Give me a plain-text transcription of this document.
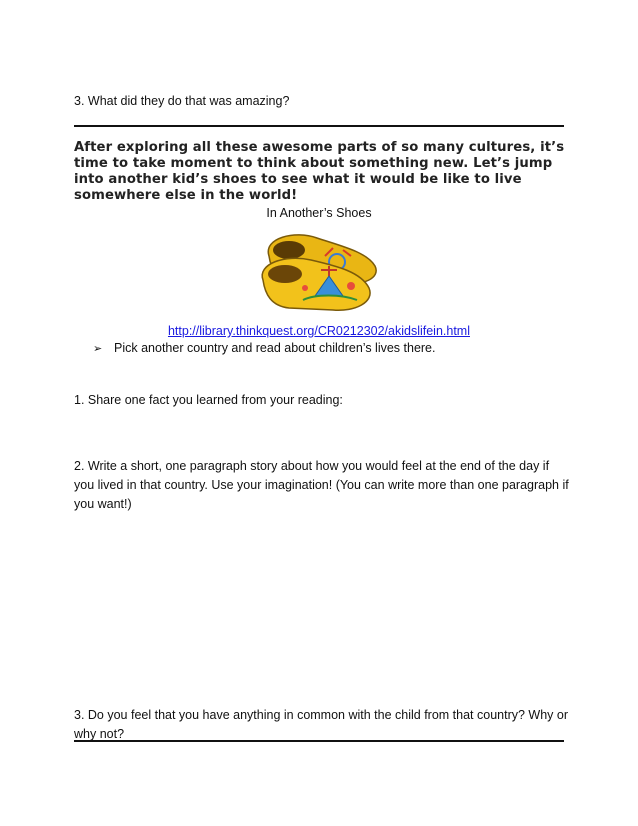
3. What did they do that was amazing?
After exploring all these awesome parts of so many cultures, it’s time to take moment to think about something new. Let’s jump into another kid’s shoes to see what it would be like to live somewhere else in the world!
In Another’s Shoes
http://library.thinkquest.org/CR0212302/akidslifein.html
➢ Pick another country and read about children’s lives there.
1. Share one fact you learned from your reading:
2. Write a short, one paragraph story about how you would feel at the end of the day if you lived in that country. Use your imagination! (You can write more than one paragraph if you want!)
3. Do you feel that you have anything in common with the child from that country? Why or why not?
